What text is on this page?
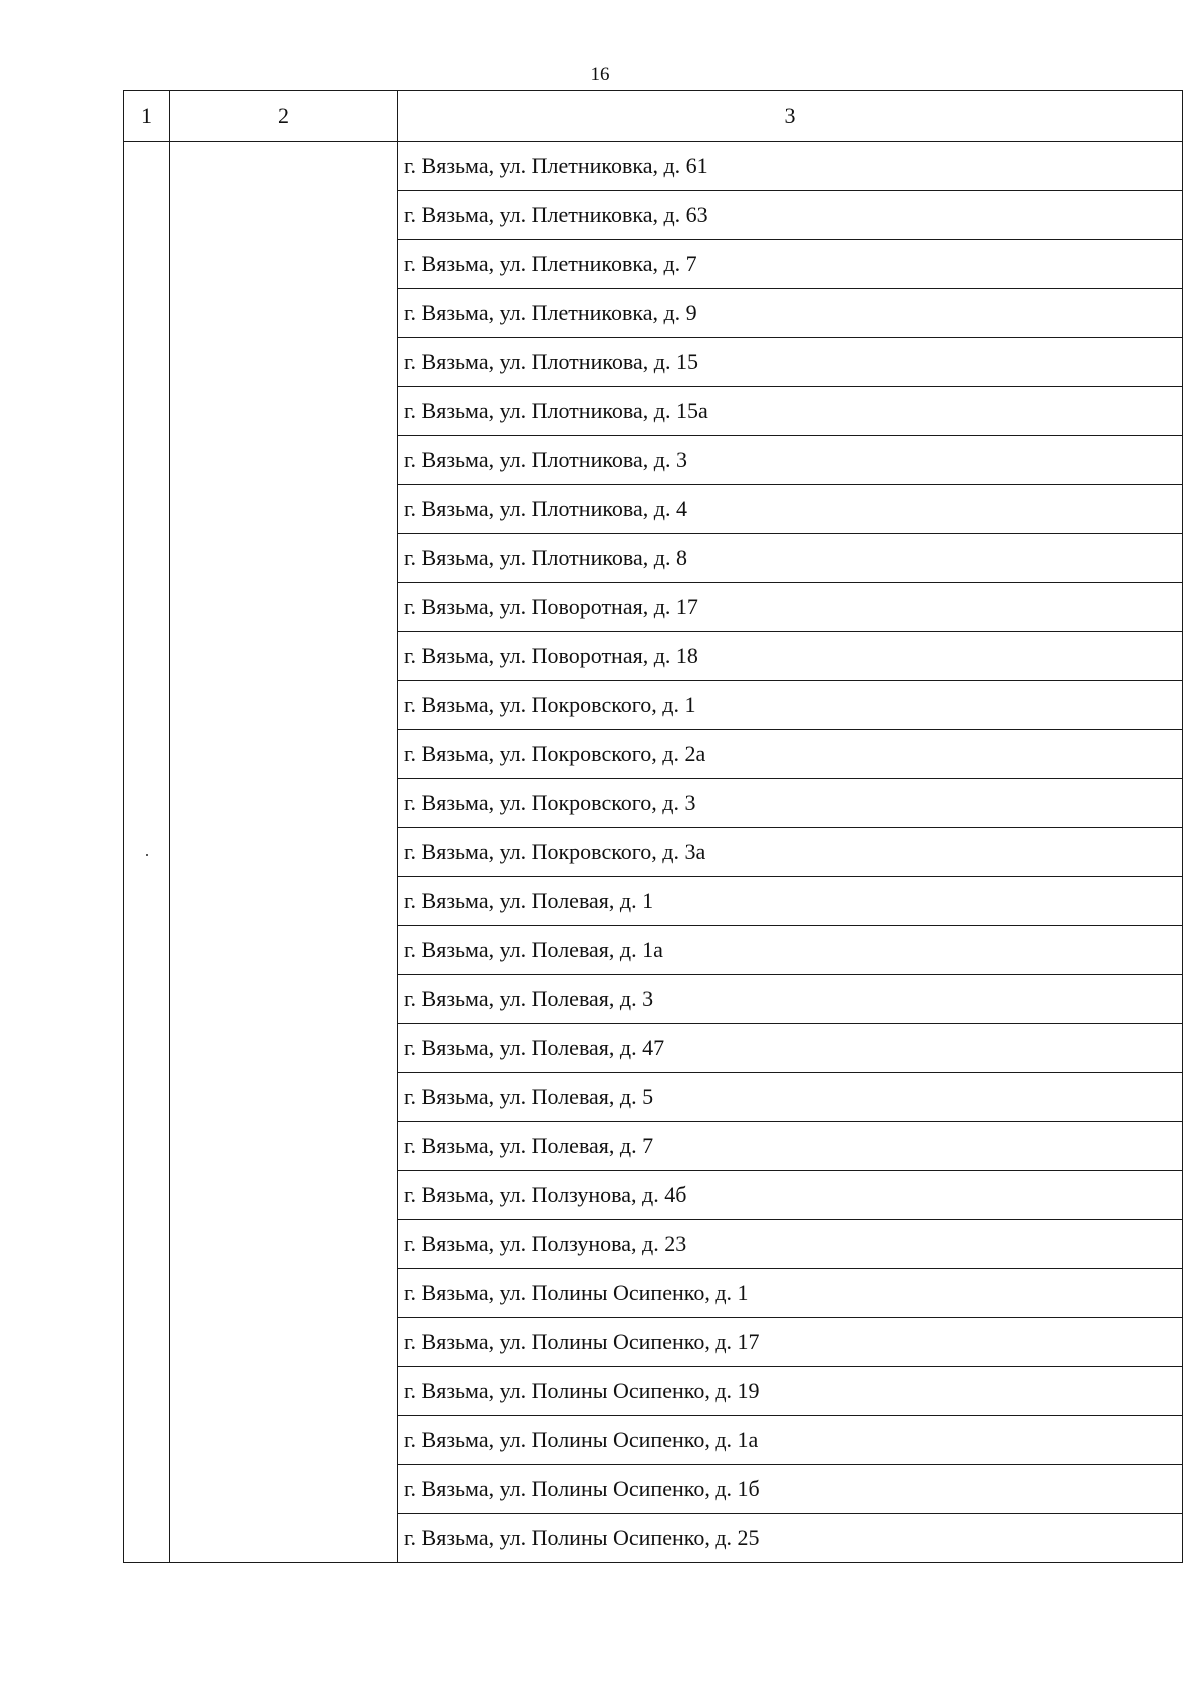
16
1	2	3
		г. Вязьма, ул. Плетниковка, д. 61
		г. Вязьма, ул. Плетниковка, д. 63
		г. Вязьма, ул. Плетниковка, д. 7
		г. Вязьма, ул. Плетниковка, д. 9
		г. Вязьма, ул. Плотникова, д. 15
		г. Вязьма, ул. Плотникова, д. 15а
		г. Вязьма, ул. Плотникова, д. 3
		г. Вязьма, ул. Плотникова, д. 4
		г. Вязьма, ул. Плотникова, д. 8
		г. Вязьма, ул. Поворотная, д. 17
		г. Вязьма, ул. Поворотная, д. 18
		г. Вязьма, ул. Покровского, д. 1
		г. Вязьма, ул. Покровского, д. 2а
		г. Вязьма, ул. Покровского, д. 3
		г. Вязьма, ул. Покровского, д. 3а
		г. Вязьма, ул. Полевая, д. 1
		г. Вязьма, ул. Полевая, д. 1а
		г. Вязьма, ул. Полевая, д. 3
		г. Вязьма, ул. Полевая, д. 47
		г. Вязьма, ул. Полевая, д. 5
		г. Вязьма, ул. Полевая, д. 7
		г. Вязьма, ул. Ползунова, д. 4б
		г. Вязьма, ул. Ползунова, д. 23
		г. Вязьма, ул. Полины Осипенко, д. 1
		г. Вязьма, ул. Полины Осипенко, д. 17
		г. Вязьма, ул. Полины Осипенко, д. 19
		г. Вязьма, ул. Полины Осипенко, д. 1а
		г. Вязьма, ул. Полины Осипенко, д. 1б
		г. Вязьма, ул. Полины Осипенко, д. 25
